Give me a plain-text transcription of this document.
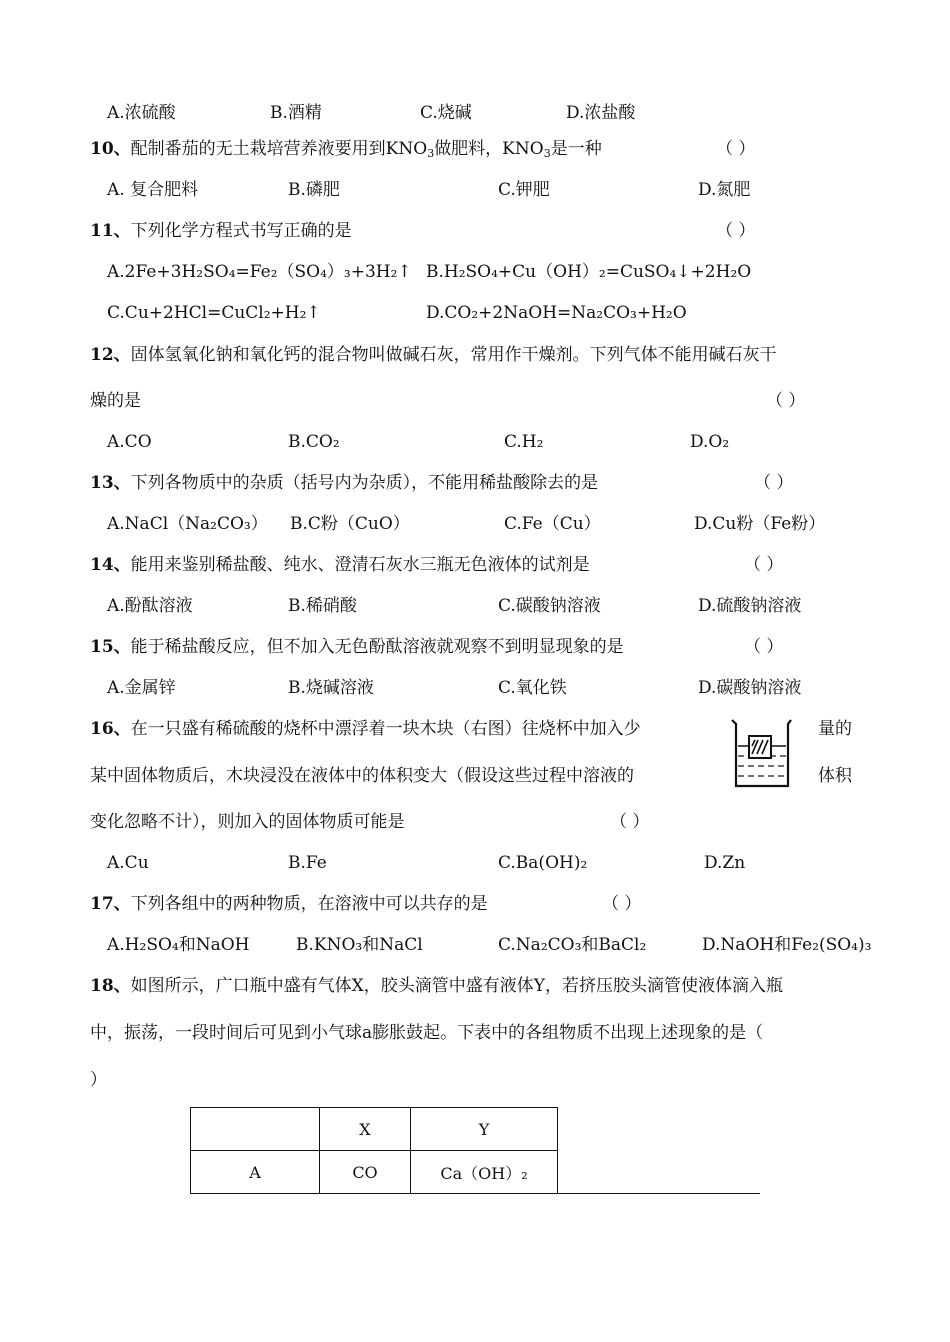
A.浓硫酸	B.酒精	C.烧碱	D.浓盐酸
10、配制番茄的无土栽培营养液要用到$KNO_3$做肥料，$KNO_3$是一种	（ ）
A. 复合肥料	B.磷肥	C.钾肥	D.氮肥
11、下列化学方程式书写正确的是	（ ）
A.2Fe+3H₂SO₄=Fe₂（SO₄）₃+3H₂↑ B.H₂SO₄+Cu（OH）₂=CuSO₄↓+2H₂O
C.Cu+2HCl=CuCl₂+H₂↑	D.CO₂+2NaOH=Na₂CO₃+H₂O
12、固体氢氧化钠和氧化钙的混合物叫做碱石灰，常用作干燥剂。下列气体不能用碱石灰干
燥的是	（ ）
A.CO	B.CO₂	C.H₂	D.O₂
13、下列各物质中的杂质（括号内为杂质），不能用稀盐酸除去的是	（ ）
A.NaCl（Na₂CO₃） B.C粉（CuO）	C.Fe（Cu）	D.Cu粉（Fe粉）
14、能用来鉴别稀盐酸、纯水、澄清石灰水三瓶无色液体的试剂是	（ ）
A.酚酞溶液	B.稀硝酸	C.碳酸钠溶液	D.硫酸钠溶液
15、能于稀盐酸反应，但不加入无色酚酞溶液就观察不到明显现象的是	（ ）
A.金属锌	B.烧碱溶液	C.氧化铁	D.碳酸钠溶液
16、在一只盛有稀硫酸的烧杯中漂浮着一块木块（右图）往烧杯中加入少	量的
某中固体物质后，木块浸没在液体中的体积变大（假设这些过程中溶液的	体积
变化忽略不计），则加入的固体物质可能是	（ ）
A.Cu	B.Fe	C.Ba(OH)₂	D.Zn
17、下列各组中的两种物质，在溶液中可以共存的是	（ ）
A.H₂SO₄和NaOH	B.KNO₃和NaCl	C.Na₂CO₃和BaCl₂	D.NaOH和Fe₂(SO₄)₃
18、如图所示，广口瓶中盛有气体X，胶头滴管中盛有液体Y，若挤压胶头滴管使液体滴入瓶
中，振荡，一段时间后可见到小气球a膨胀鼓起。下表中的各组物质不出现上述现象的是（
）
	X	Y
A	CO	Ca（OH）₂
